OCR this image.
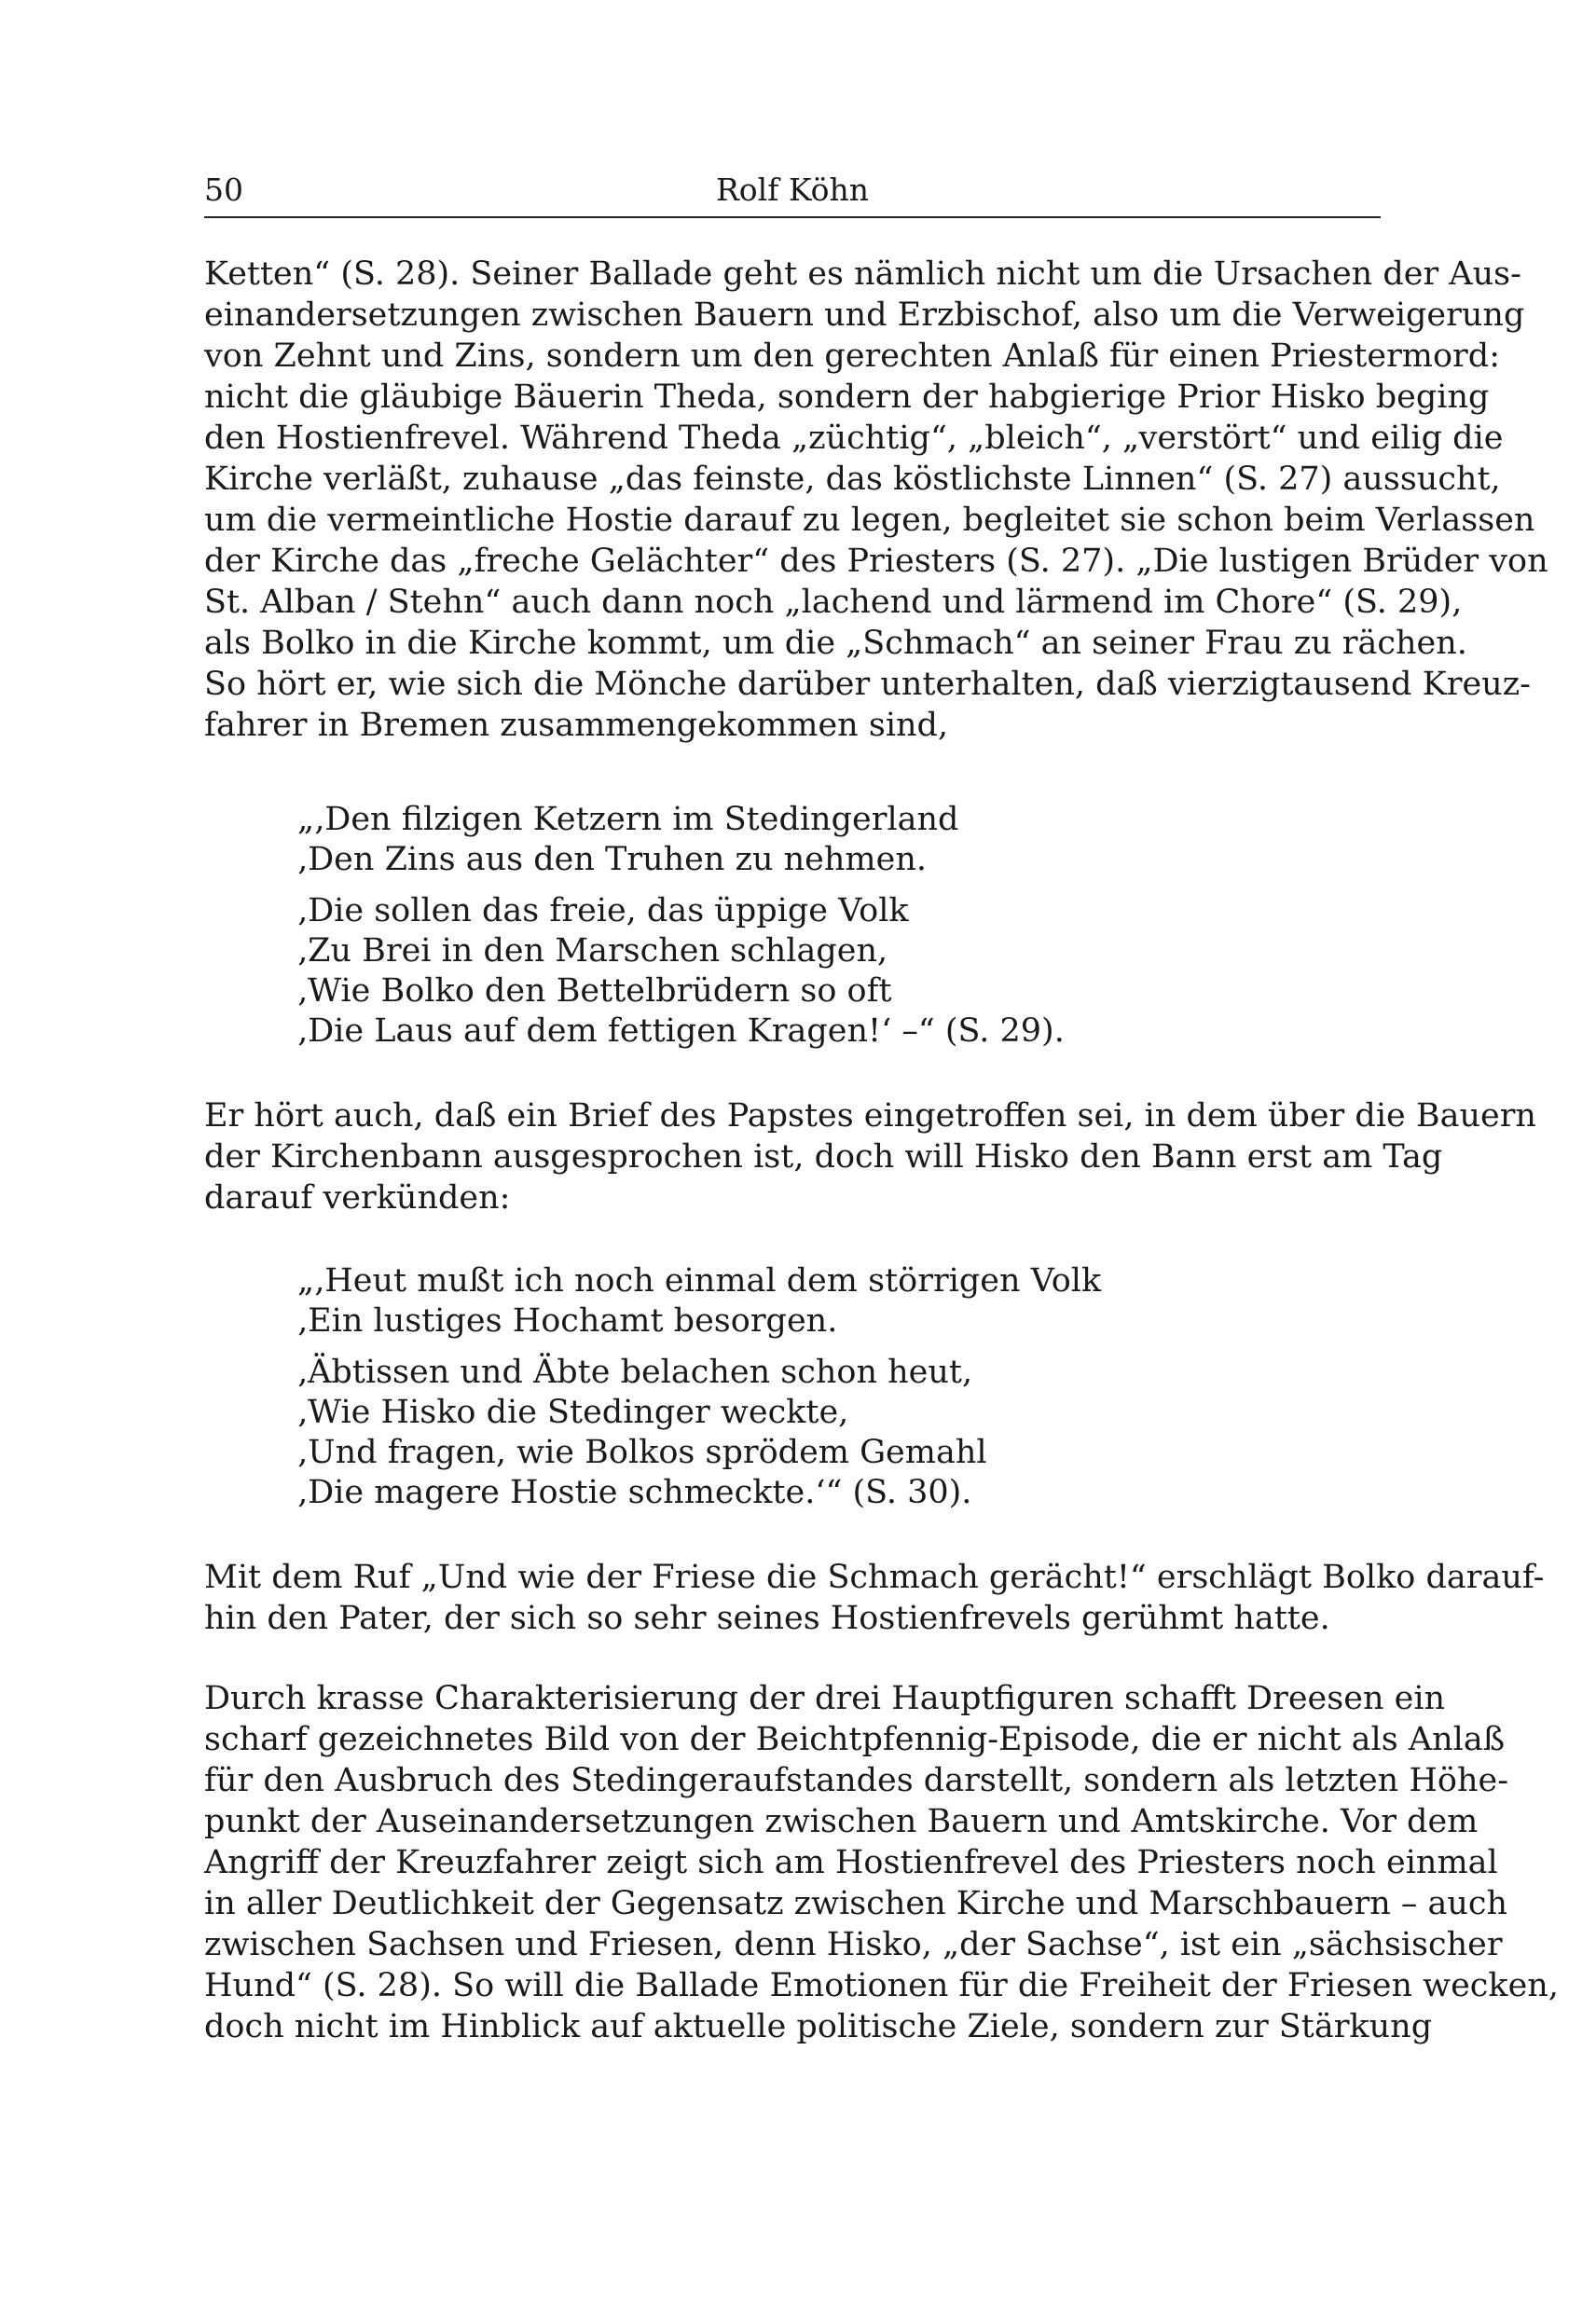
50	Rolf Köhn
Ketten“ (S. 28). Seiner Ballade geht es nämlich nicht um die Ursachen der Aus-
einandersetzungen zwischen Bauern und Erzbischof, also um die Verweigerung
von Zehnt und Zins, sondern um den gerechten Anlaß für einen Priestermord:
nicht die gläubige Bäuerin Theda, sondern der habgierige Prior Hisko beging
den Hostienfrevel. Während Theda „züchtig“, „bleich“, „verstört“ und eilig die
Kirche verläßt, zuhause „das feinste, das köstlichste Linnen“ (S. 27) aussucht,
um die vermeintliche Hostie darauf zu legen, begleitet sie schon beim Verlassen
der Kirche das „freche Gelächter“ des Priesters (S. 27). „Die lustigen Brüder von
St. Alban / Stehn“ auch dann noch „lachend und lärmend im Chore“ (S. 29),
als Bolko in die Kirche kommt, um die „Schmach“ an seiner Frau zu rächen.
So hört er, wie sich die Mönche darüber unterhalten, daß vierzigtausend Kreuz-
fahrer in Bremen zusammengekommen sind,
„‚Den filzigen Ketzern im Stedingerland
‚Den Zins aus den Truhen zu nehmen.
‚Die sollen das freie, das üppige Volk
‚Zu Brei in den Marschen schlagen,
‚Wie Bolko den Bettelbrüdern so oft
‚Die Laus auf dem fettigen Kragen!‘ –“ (S. 29).
Er hört auch, daß ein Brief des Papstes eingetroffen sei, in dem über die Bauern
der Kirchenbann ausgesprochen ist, doch will Hisko den Bann erst am Tag
darauf verkünden:
„‚Heut mußt ich noch einmal dem störrigen Volk
‚Ein lustiges Hochamt besorgen.
‚Äbtissen und Äbte belachen schon heut,
‚Wie Hisko die Stedinger weckte,
‚Und fragen, wie Bolkos sprödem Gemahl
‚Die magere Hostie schmeckte.‘“ (S. 30).
Mit dem Ruf „Und wie der Friese die Schmach gerächt!“ erschlägt Bolko darauf-
hin den Pater, der sich so sehr seines Hostienfrevels gerühmt hatte.
Durch krasse Charakterisierung der drei Hauptfiguren schafft Dreesen ein
scharf gezeichnetes Bild von der Beichtpfennig-Episode, die er nicht als Anlaß
für den Ausbruch des Stedingeraufstandes darstellt, sondern als letzten Höhe-
punkt der Auseinandersetzungen zwischen Bauern und Amtskirche. Vor dem
Angriff der Kreuzfahrer zeigt sich am Hostienfrevel des Priesters noch einmal
in aller Deutlichkeit der Gegensatz zwischen Kirche und Marschbauern – auch
zwischen Sachsen und Friesen, denn Hisko, „der Sachse“, ist ein „sächsischer
Hund“ (S. 28). So will die Ballade Emotionen für die Freiheit der Friesen wecken,
doch nicht im Hinblick auf aktuelle politische Ziele, sondern zur Stärkung
